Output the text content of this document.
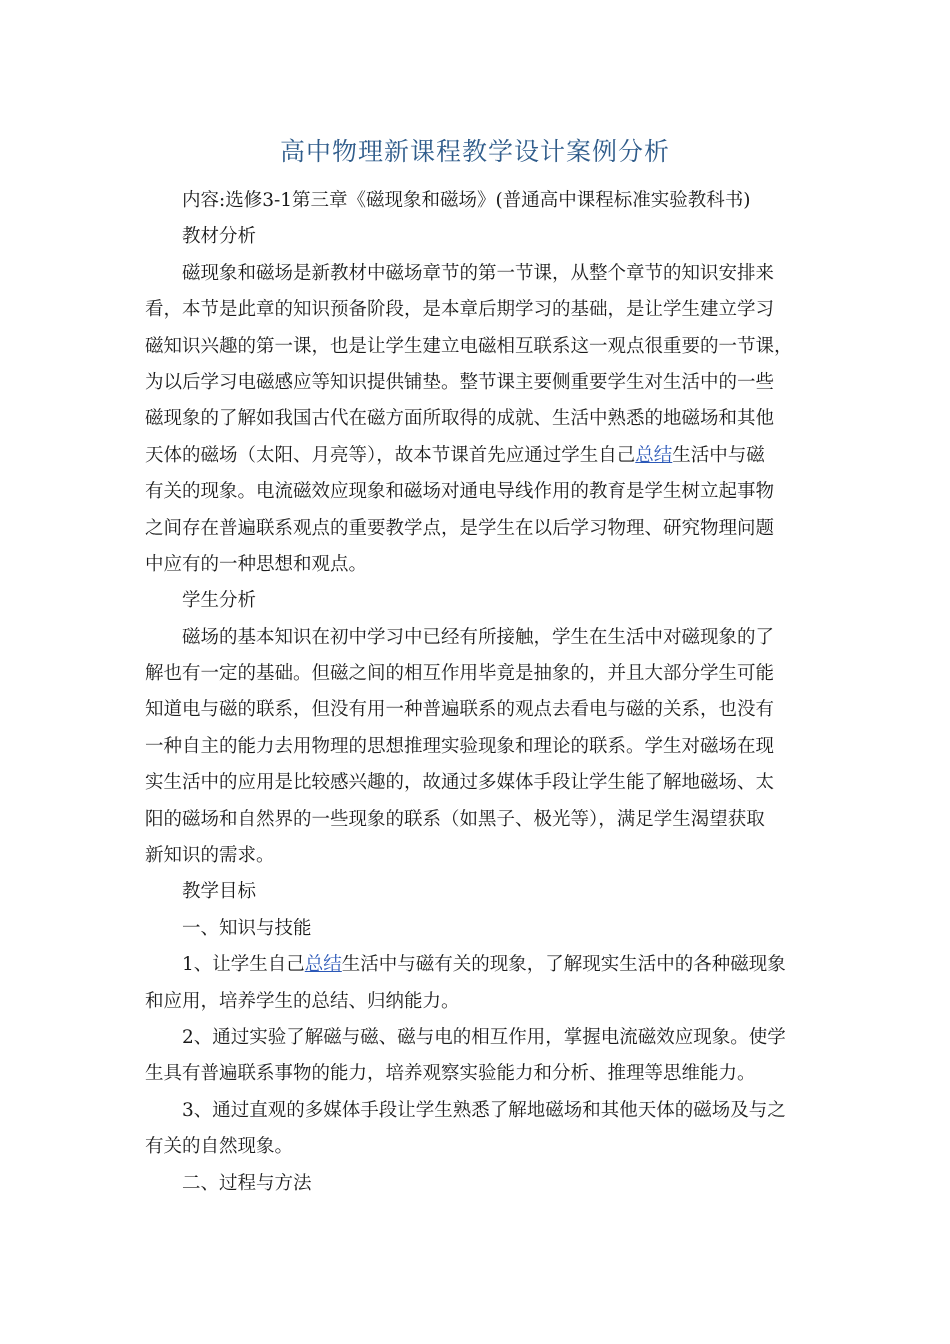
高中物理新课程教学设计案例分析
内容:选修3-1第三章《磁现象和磁场》(普通高中课程标准实验教科书)
教材分析
磁现象和磁场是新教材中磁场章节的第一节课，从整个章节的知识安排来
看，本节是此章的知识预备阶段，是本章后期学习的基础，是让学生建立学习
磁知识兴趣的第一课，也是让学生建立电磁相互联系这一观点很重要的一节课，
为以后学习电磁感应等知识提供铺垫。整节课主要侧重要学生对生活中的一些
磁现象的了解如我国古代在磁方面所取得的成就、生活中熟悉的地磁场和其他
天体的磁场（太阳、月亮等），故本节课首先应通过学生自己总结生活中与磁
有关的现象。电流磁效应现象和磁场对通电导线作用的教育是学生树立起事物
之间存在普遍联系观点的重要教学点，是学生在以后学习物理、研究物理问题
中应有的一种思想和观点。
学生分析
磁场的基本知识在初中学习中已经有所接触，学生在生活中对磁现象的了
解也有一定的基础。但磁之间的相互作用毕竟是抽象的，并且大部分学生可能
知道电与磁的联系，但没有用一种普遍联系的观点去看电与磁的关系，也没有
一种自主的能力去用物理的思想推理实验现象和理论的联系。学生对磁场在现
实生活中的应用是比较感兴趣的，故通过多媒体手段让学生能了解地磁场、太
阳的磁场和自然界的一些现象的联系（如黑子、极光等），满足学生渴望获取
新知识的需求。
教学目标
一、知识与技能
1、让学生自己总结生活中与磁有关的现象，了解现实生活中的各种磁现象
和应用，培养学生的总结、归纳能力。
2、通过实验了解磁与磁、磁与电的相互作用，掌握电流磁效应现象。使学
生具有普遍联系事物的能力，培养观察实验能力和分析、推理等思维能力。
3、通过直观的多媒体手段让学生熟悉了解地磁场和其他天体的磁场及与之
有关的自然现象。
二、过程与方法
